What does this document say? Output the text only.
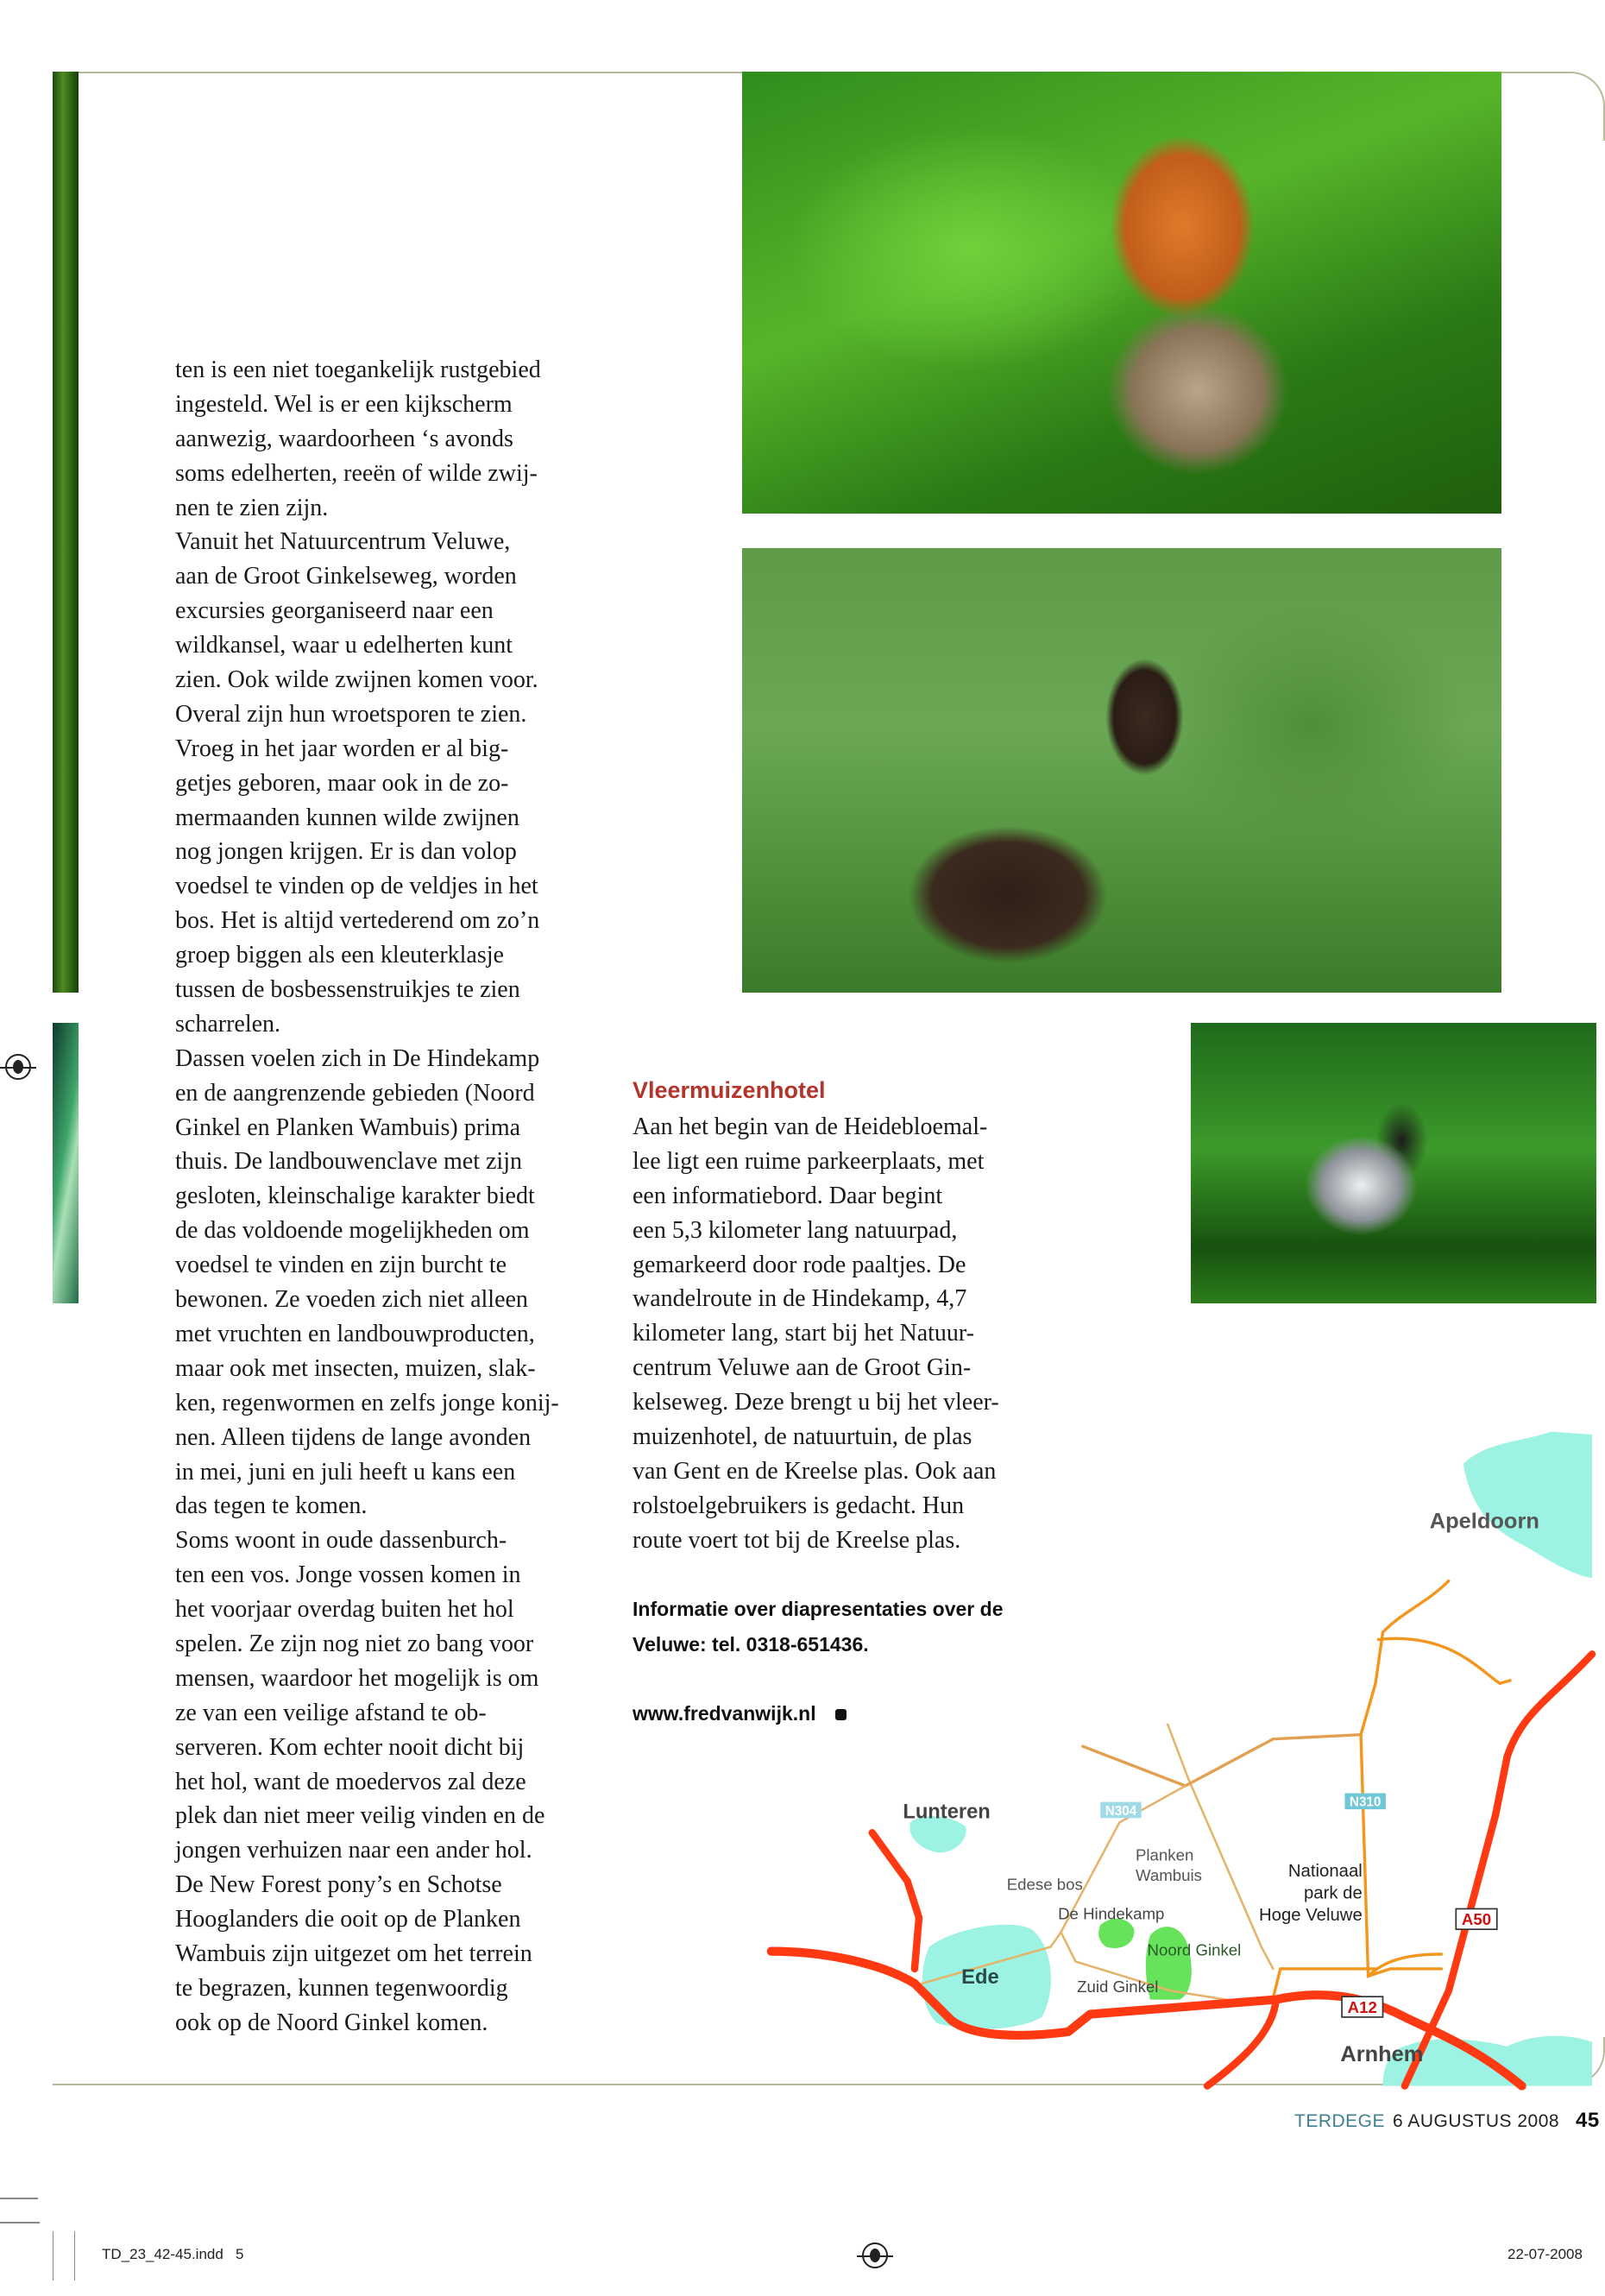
ten is een niet toegankelijk rustgebied
ingesteld. Wel is er een kijkscherm
aanwezig, waardoorheen ‘s avonds
soms edelherten, reeën of wilde zwij-
nen te zien zijn.
Vanuit het Natuurcentrum Veluwe,
aan de Groot Ginkelseweg, worden
excursies georganiseerd naar een
wildkansel, waar u edelherten kunt
zien. Ook wilde zwijnen komen voor.
Overal zijn hun wroetsporen te zien.
Vroeg in het jaar worden er al big-
getjes geboren, maar ook in de zo-
mermaanden kunnen wilde zwijnen
nog jongen krijgen. Er is dan volop
voedsel te vinden op de veldjes in het
bos. Het is altijd vertederend om zo’n
groep biggen als een kleuterklasje
tussen de bosbessenstruikjes te zien
scharrelen.
Dassen voelen zich in De Hindekamp
en de aangrenzende gebieden (Noord
Ginkel en Planken Wambuis) prima
thuis. De landbouwenclave met zijn
gesloten, kleinschalige karakter biedt
de das voldoende mogelijkheden om
voedsel te vinden en zijn burcht te
bewonen. Ze voeden zich niet alleen
met vruchten en landbouwproducten,
maar ook met insecten, muizen, slak-
ken, regenwormen en zelfs jonge konij-
nen. Alleen tijdens de lange avonden
in mei, juni en juli heeft u kans een
das tegen te komen.
Soms woont in oude dassenburch-
ten een vos. Jonge vossen komen in
het voorjaar overdag buiten het hol
spelen. Ze zijn nog niet zo bang voor
mensen, waardoor het mogelijk is om
ze van een veilige afstand te ob-
serveren. Kom echter nooit dicht bij
het hol, want de moedervos zal deze
plek dan niet meer veilig vinden en de
jongen verhuizen naar een ander hol.
De New Forest pony’s en Schotse
Hooglanders die ooit op de Planken
Wambuis zijn uitgezet om het terrein
te begrazen, kunnen tegenwoordig
ook op de Noord Ginkel komen.
Vleermuizenhotel
Aan het begin van de Heidebloemal-
lee ligt een ruime parkeerplaats, met
een informatiebord. Daar begint
een 5,3 kilometer lang natuurpad,
gemarkeerd door rode paaltjes. De
wandelroute in de Hindekamp, 4,7
kilometer lang, start bij het Natuur-
centrum Veluwe aan de Groot Gin-
kelseweg. Deze brengt u bij het vleer-
muizenhotel, de natuurtuin, de plas
van Gent en de Kreelse plas. Ook aan
rolstoelgebruikers is gedacht. Hun
route voert tot bij de Kreelse plas.
Informatie over diapresentaties over de
Veluwe: tel. 0318-651436.
www.fredvanwijk.nl
N310
N304
A50
A12
Apeldoorn
Lunteren
Ede
Edese bos
Planken
Wambuis
De Hindekamp
Noord Ginkel
Zuid Ginkel
Nationaal
park de
Hoge Veluwe
Arnhem
TERDEGE 6 AUGUSTUS 2008 45
TD_23_42-45.indd   5	22-07-2008
